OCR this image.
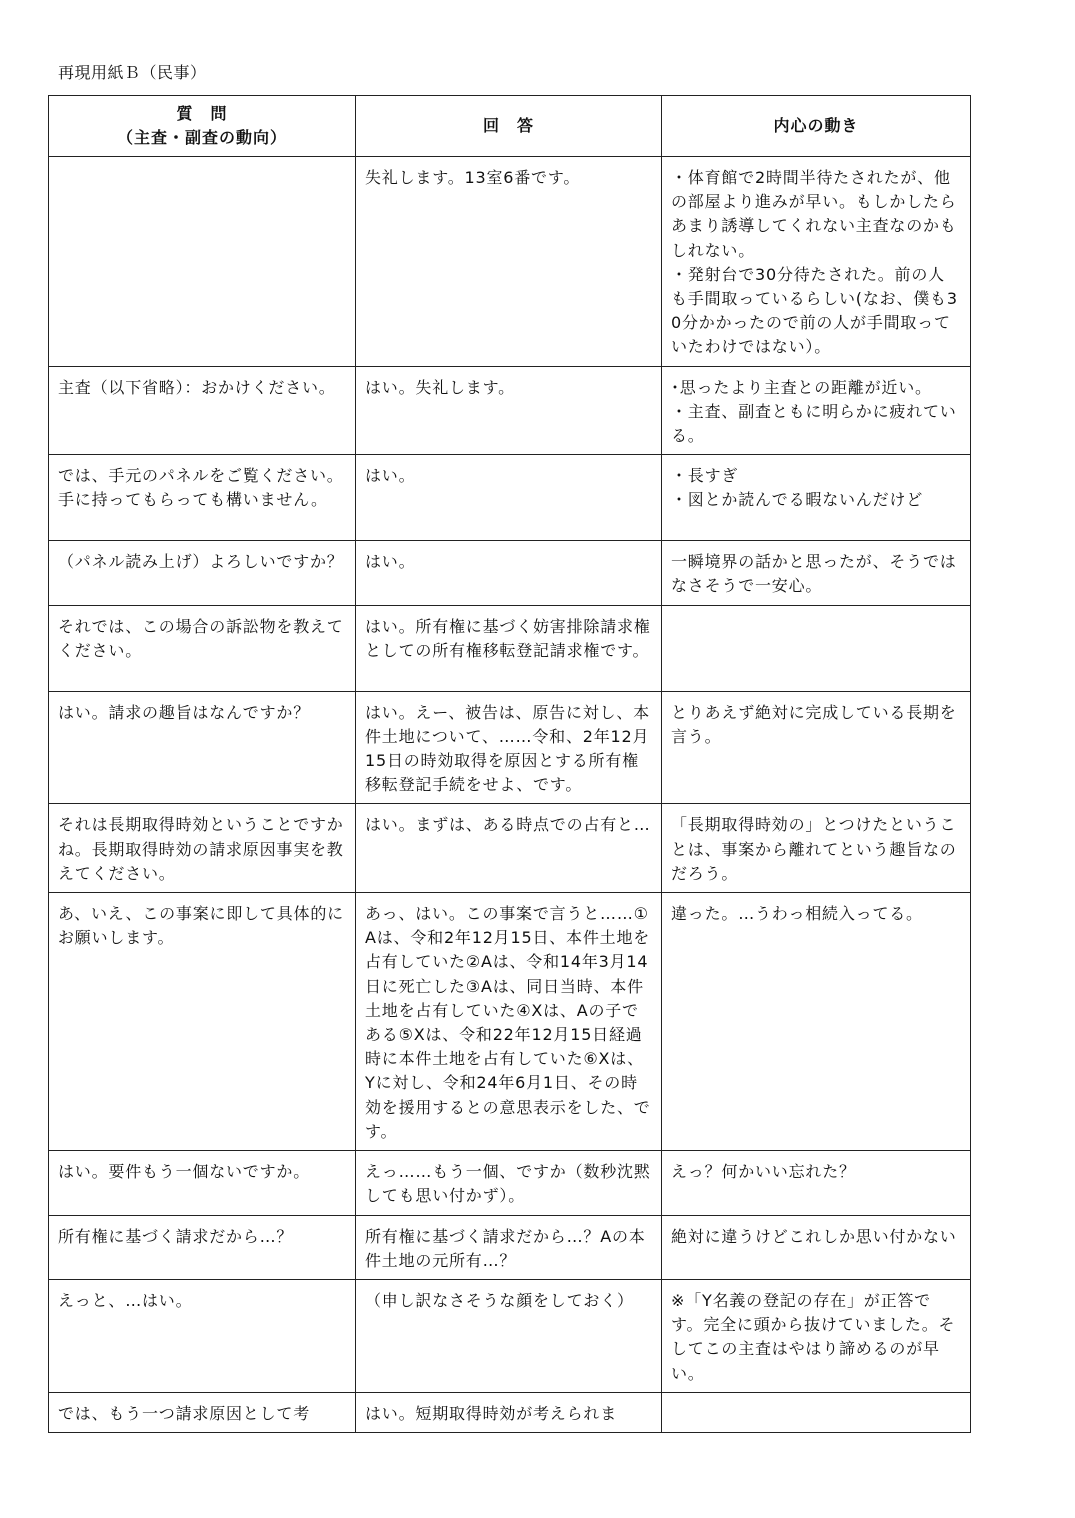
再現用紙Ｂ（民事）
質　問
（主査・副査の動向）	回　答	内心の動き
	失礼します。13室6番です。	・体育館で2時間半待たされたが、他の部屋より進みが早い。もしかしたらあまり誘導してくれない主査なのかもしれない。
・発射台で30分待たされた。前の人も手間取っているらしい(なお、僕も30分かかったので前の人が手間取っていたわけではない）。
主査（以下省略）：おかけください。	はい。失礼します。	･思ったより主査との距離が近い。
・主査、副査ともに明らかに疲れている。
では、手元のパネルをご覧ください。手に持ってもらっても構いません。	はい。	・長すぎ
・図とか読んでる暇ないんだけど
（パネル読み上げ）よろしいですか？	はい。	一瞬境界の話かと思ったが、そうではなさそうで一安心。
それでは、この場合の訴訟物を教えてください。	はい。所有権に基づく妨害排除請求権としての所有権移転登記請求権です。	
はい。請求の趣旨はなんですか？	はい。えー、被告は、原告に対し、本件土地について、……令和、2年12月15日の時効取得を原因とする所有権移転登記手続をせよ、です。	とりあえず絶対に完成している長期を言う。
それは長期取得時効ということですかね。長期取得時効の請求原因事実を教えてください。	はい。まずは、ある時点での占有と…	「長期取得時効の」とつけたということは、事案から離れてという趣旨なのだろう。
あ、いえ、この事案に即して具体的にお願いします。	あっ、はい。この事案で言うと……①Aは、令和2年12月15日、本件土地を占有していた②Aは、令和14年3月14日に死亡した③Aは、同日当時、本件土地を占有していた④Xは、Aの子である⑤Xは、令和22年12月15日経過時に本件土地を占有していた⑥Xは、Yに対し、令和24年6月1日、その時効を援用するとの意思表示をした、です。	違った。…うわっ相続入ってる。
はい。要件もう一個ないですか。	えっ……もう一個、ですか（数秒沈黙しても思い付かず）。	えっ？何かいい忘れた？
所有権に基づく請求だから…？	所有権に基づく請求だから…？Aの本件土地の元所有…？	絶対に違うけどこれしか思い付かない
えっと、…はい。	（申し訳なさそうな顔をしておく）	※「Y名義の登記の存在」が正答です。完全に頭から抜けていました。そしてこの主査はやはり諦めるのが早い。
では、もう一つ請求原因として考	はい。短期取得時効が考えられま	
